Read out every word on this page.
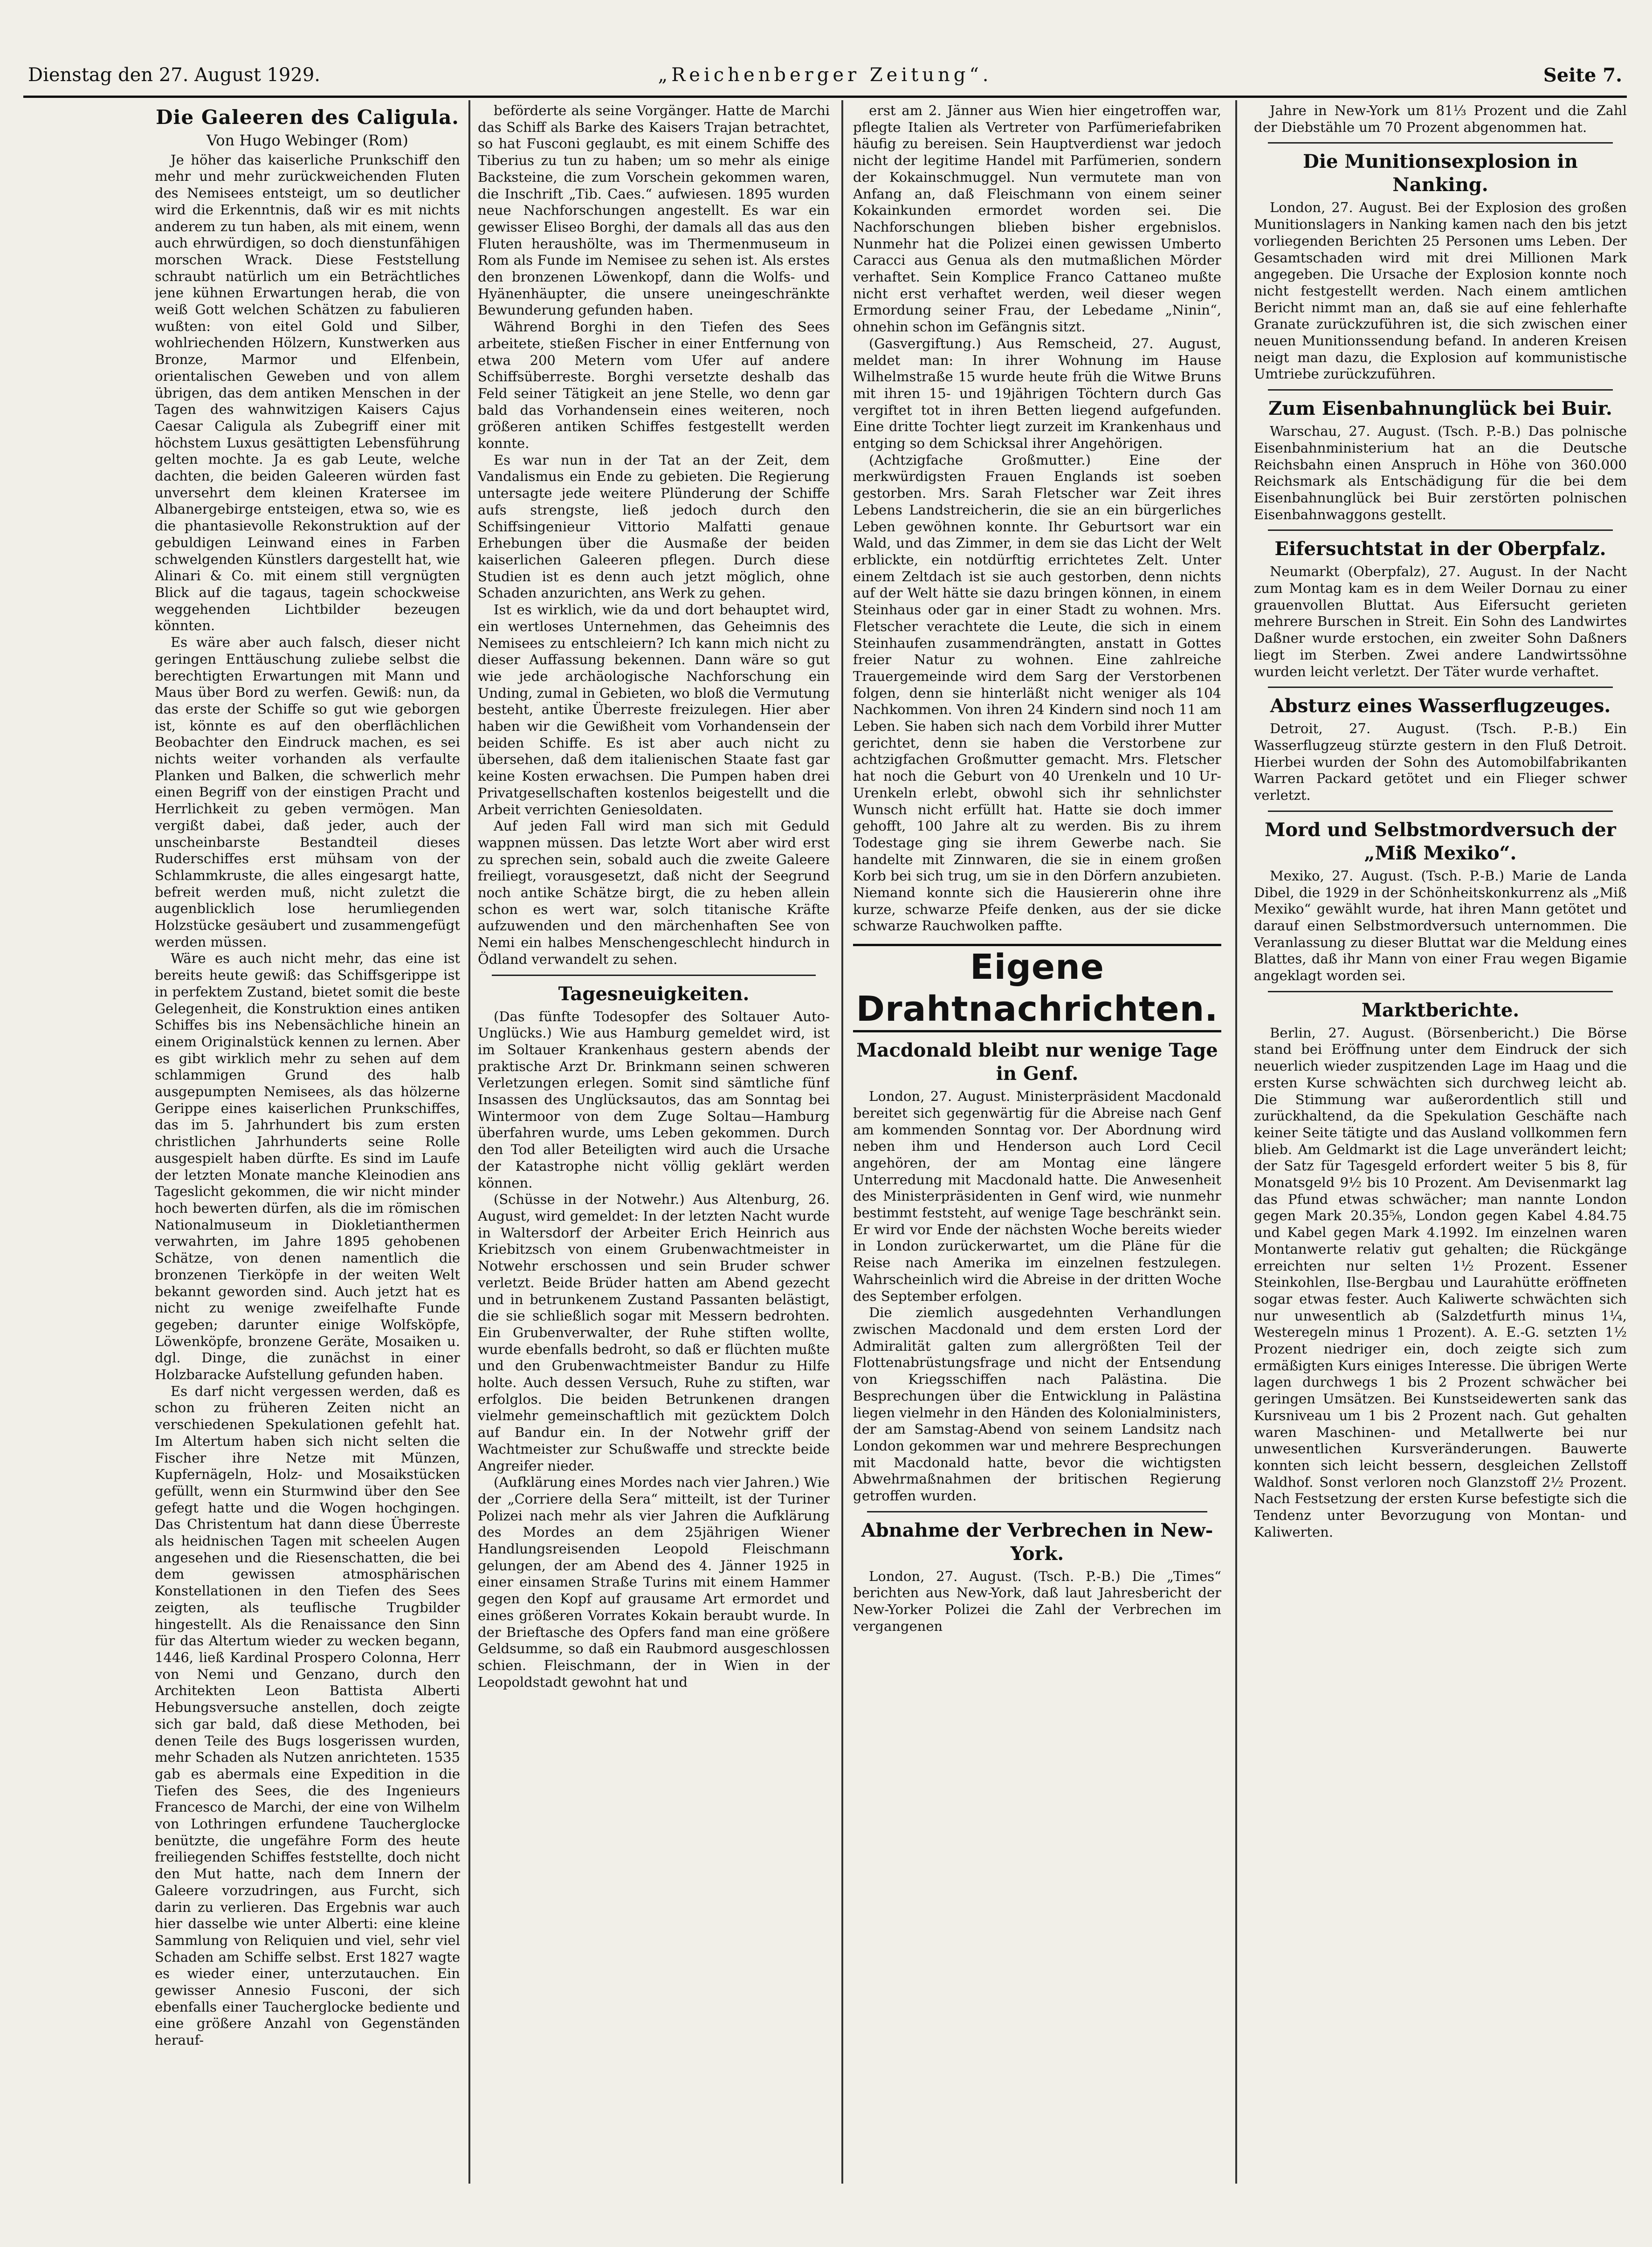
„Reichenberger Zeitung“.
Dienstag den 27. August 1929.	Seite 7.
Die Galeeren des Caligula.
Von Hugo Webinger (Rom)

Je höher das kaiserliche Prunkschiff den mehr und mehr zurückweichenden Fluten des Nemisees entsteigt, um so deutlicher wird die Erkenntnis, daß wir es mit nichts anderem zu tun haben, als mit einem, wenn auch ehrwürdigen, so doch dienstunfähigen morschen Wrack. Diese Feststellung schraubt natürlich um ein Beträchtliches jene kühnen Erwartungen herab, die von weiß Gott welchen Schätzen zu fabulieren wußten: von eitel Gold und Silber, wohlriechenden Hölzern, Kunstwerken aus Bronze, Marmor und Elfenbein, orientalischen Geweben und von allem übrigen, das dem antiken Menschen in der Tagen des wahnwitzigen Kaisers Cajus Caesar Caligula als Zubegriff einer mit höchstem Luxus gesättigten Lebensführung gelten mochte. Ja es gab Leute, welche dachten, die beiden Galeeren würden fast unversehrt dem kleinen Kratersee im Albanergebirge entsteigen, etwa so, wie es die phantasievolle Rekonstruktion auf der gebuldigen Leinwand eines in Farben schwelgenden Künstlers dargestellt hat, wie Alinari & Co. mit einem still vergnügten Blick auf die tagaus, tagein schockweise weggehenden Lichtbilder bezeugen könnten.

Es wäre aber auch falsch, dieser nicht geringen Enttäuschung zuliebe selbst die berechtigten Erwartungen mit Mann und Maus über Bord zu werfen. Gewiß: nun, da das erste der Schiffe so gut wie geborgen ist, könnte es auf den oberflächlichen Beobachter den Eindruck machen, es sei nichts weiter vorhanden als verfaulte Planken und Balken, die schwerlich mehr einen Begriff von der einstigen Pracht und Herrlichkeit zu geben vermögen. Man vergißt dabei, daß jeder, auch der unscheinbarste Bestandteil dieses Ruderschiffes erst mühsam von der Schlammkruste, die alles eingesargt hatte, befreit werden muß, nicht zuletzt die augenblicklich lose herumliegenden Holzstücke gesäubert und zusammengefügt werden müssen.

Wäre es auch nicht mehr, das eine ist bereits heute gewiß: das Schiffsgerippe ist in perfektem Zustand, bietet somit die beste Gelegenheit, die Konstruktion eines antiken Schiffes bis ins Nebensächliche hinein an einem Originalstück kennen zu lernen. Aber es gibt wirklich mehr zu sehen auf dem schlammigen Grund des halb ausgepumpten Nemisees, als das hölzerne Gerippe eines kaiserlichen Prunkschiffes, das im 5. Jahrhundert bis zum ersten christlichen Jahrhunderts seine Rolle ausgespielt haben dürfte. Es sind im Laufe der letzten Monate manche Kleinodien ans Tageslicht gekommen, die wir nicht minder hoch bewerten dürfen, als die im römischen Nationalmuseum in Diokletianthermen verwahrten, im Jahre 1895 gehobenen Schätze, von denen namentlich die bronzenen Tierköpfe in der weiten Welt bekannt geworden sind. Auch jetzt hat es nicht zu wenige zweifelhafte Funde gegeben; darunter einige Wolfsköpfe, Löwenköpfe, bronzene Geräte, Mosaiken u. dgl. Dinge, die zunächst in einer Holzbaracke Aufstellung gefunden haben.

Es darf nicht vergessen werden, daß es schon zu früheren Zeiten nicht an verschiedenen Spekulationen gefehlt hat. Im Altertum haben sich nicht selten die Fischer ihre Netze mit Münzen, Kupfernägeln, Holz- und Mosaikstücken gefüllt, wenn ein Sturmwind über den See gefegt hatte und die Wogen hochgingen. Das Christentum hat dann diese Überreste als heidnischen Tagen mit scheelen Augen angesehen und die Riesenschatten, die bei dem gewissen atmosphärischen Konstellationen in den Tiefen des Sees zeigten, als teuflische Trugbilder hingestellt. Als die Renaissance den Sinn für das Altertum wieder zu wecken begann, 1446, ließ Kardinal Prospero Colonna, Herr von Nemi und Genzano, durch den Architekten Leon Battista Alberti Hebungsversuche anstellen, doch zeigte sich gar bald, daß diese Methoden, bei denen Teile des Bugs losgerissen wurden, mehr Schaden als Nutzen anrichteten. 1535 gab es abermals eine Expedition in die Tiefen des Sees, die des Ingenieurs Francesco de Marchi, der eine von Wilhelm von Lothringen erfundene Taucherglocke benützte, die ungefähre Form des heute freiliegenden Schiffes feststellte, doch nicht den Mut hatte, nach dem Innern der Galeere vorzudringen, aus Furcht, sich darin zu verlieren. Das Ergebnis war auch hier dasselbe wie unter Alberti: eine kleine Sammlung von Reliquien und viel, sehr viel Schaden am Schiffe selbst. Erst 1827 wagte es wieder einer, unterzutauchen. Ein gewisser Annesio Fusconi, der sich ebenfalls einer Taucherglocke bediente und eine größere Anzahl von Gegenständen herauf-

beförderte als seine Vorgänger. Hatte de Marchi das Schiff als Barke des Kaisers Trajan betrachtet, so hat Fusconi geglaubt, es mit einem Schiffe des Tiberius zu tun zu haben; um so mehr als einige Backsteine, die zum Vorschein gekommen waren, die Inschrift „Tib. Caes.“ aufwiesen. 1895 wurden neue Nachforschungen angestellt. Es war ein gewisser Eliseo Borghi, der damals all das aus den Fluten heraushölte, was im Thermenmuseum in Rom als Funde im Nemisee zu sehen ist. Als erstes den bronzenen Löwenkopf, dann die Wolfs- und Hyänenhäupter, die unsere uneingeschränkte Bewunderung gefunden haben.

Während Borghi in den Tiefen des Sees arbeitete, stießen Fischer in einer Entfernung von etwa 200 Metern vom Ufer auf andere Schiffsüberreste. Borghi versetzte deshalb das Feld seiner Tätigkeit an jene Stelle, wo denn gar bald das Vorhandensein eines weiteren, noch größeren antiken Schiffes festgestellt werden konnte.

Es war nun in der Tat an der Zeit, dem Vandalismus ein Ende zu gebieten. Die Regierung untersagte jede weitere Plünderung der Schiffe aufs strengste, ließ jedoch durch den Schiffsingenieur Vittorio Malfatti genaue Erhebungen über die Ausmaße der beiden kaiserlichen Galeeren pflegen. Durch diese Studien ist es denn auch jetzt möglich, ohne Schaden anzurichten, ans Werk zu gehen.

Ist es wirklich, wie da und dort behauptet wird, ein wertloses Unternehmen, das Geheimnis des Nemisees zu entschleiern? Ich kann mich nicht zu dieser Auffassung bekennen. Dann wäre so gut wie jede archäologische Nachforschung ein Unding, zumal in Gebieten, wo bloß die Vermutung besteht, antike Überreste freizulegen. Hier aber haben wir die Gewißheit vom Vorhandensein der beiden Schiffe. Es ist aber auch nicht zu übersehen, daß dem italienischen Staate fast gar keine Kosten erwachsen. Die Pumpen haben drei Privatgesellschaften kostenlos beigestellt und die Arbeit verrichten Geniesoldaten.

Auf jeden Fall wird man sich mit Geduld wappnen müssen. Das letzte Wort aber wird erst zu sprechen sein, sobald auch die zweite Galeere freiliegt, vorausgesetzt, daß nicht der Seegrund noch antike Schätze birgt, die zu heben allein schon es wert war, solch titanische Kräfte aufzuwenden und den märchenhaften See von Nemi ein halbes Menschengeschlecht hindurch in Ödland verwandelt zu sehen.

Tagesneuigkeiten.

(Das fünfte Todesopfer des Soltauer Auto-Unglücks.) Wie aus Hamburg gemeldet wird, ist im Soltauer Krankenhaus gestern abends der praktische Arzt Dr. Brinkmann seinen schweren Verletzungen erlegen. Somit sind sämtliche fünf Insassen des Unglücksautos, das am Sonntag bei Wintermoor von dem Zuge Soltau—Hamburg überfahren wurde, ums Leben gekommen. Durch den Tod aller Beteiligten wird auch die Ursache der Katastrophe nicht völlig geklärt werden können.

(Schüsse in der Notwehr.) Aus Altenburg, 26. August, wird gemeldet: In der letzten Nacht wurde in Waltersdorf der Arbeiter Erich Heinrich aus Kriebitzsch von einem Grubenwachtmeister in Notwehr erschossen und sein Bruder schwer verletzt. Beide Brüder hatten am Abend gezecht und in betrunkenem Zustand Passanten belästigt, die sie schließlich sogar mit Messern bedrohten. Ein Grubenverwalter, der Ruhe stiften wollte, wurde ebenfalls bedroht, so daß er flüchten mußte und den Grubenwachtmeister Bandur zu Hilfe holte. Auch dessen Versuch, Ruhe zu stiften, war erfolglos. Die beiden Betrunkenen drangen vielmehr gemeinschaftlich mit gezücktem Dolch auf Bandur ein. In der Notwehr griff der Wachtmeister zur Schußwaffe und streckte beide Angreifer nieder.

(Aufklärung eines Mordes nach vier Jahren.) Wie der „Corriere della Sera“ mitteilt, ist der Turiner Polizei nach mehr als vier Jahren die Aufklärung des Mordes an dem 25jährigen Wiener Handlungsreisenden Leopold Fleischmann gelungen, der am Abend des 4. Jänner 1925 in einer einsamen Straße Turins mit einem Hammer gegen den Kopf auf grausame Art ermordet und eines größeren Vorrates Kokain beraubt wurde. In der Brieftasche des Opfers fand man eine größere Geldsumme, so daß ein Raubmord ausgeschlossen schien. Fleischmann, der in Wien in der Leopoldstadt gewohnt hat und

erst am 2. Jänner aus Wien hier eingetroffen war, pflegte Italien als Vertreter von Parfümeriefabriken häufig zu bereisen. Sein Hauptverdienst war jedoch nicht der legitime Handel mit Parfümerien, sondern der Kokainschmuggel. Nun vermutete man von Anfang an, daß Fleischmann von einem seiner Kokainkunden ermordet worden sei. Die Nachforschungen blieben bisher ergebnislos. Nunmehr hat die Polizei einen gewissen Umberto Caracci aus Genua als den mutmaßlichen Mörder verhaftet. Sein Komplice Franco Cattaneo mußte nicht erst verhaftet werden, weil dieser wegen Ermordung seiner Frau, der Lebedame „Ninin“, ohnehin schon im Gefängnis sitzt.

(Gasvergiftung.) Aus Remscheid, 27. August, meldet man: In ihrer Wohnung im Hause Wilhelmstraße 15 wurde heute früh die Witwe Bruns mit ihren 15- und 19jährigen Töchtern durch Gas vergiftet tot in ihren Betten liegend aufgefunden. Eine dritte Tochter liegt zurzeit im Krankenhaus und entging so dem Schicksal ihrer Angehörigen.

(Achtzigfache Großmutter.) Eine der merkwürdigsten Frauen Englands ist soeben gestorben. Mrs. Sarah Fletscher war Zeit ihres Lebens Landstreicherin, die sie an ein bürgerliches Leben gewöhnen konnte. Ihr Geburtsort war ein Wald, und das Zimmer, in dem sie das Licht der Welt erblickte, ein notdürftig errichtetes Zelt. Unter einem Zeltdach ist sie auch gestorben, denn nichts auf der Welt hätte sie dazu bringen können, in einem Steinhaus oder gar in einer Stadt zu wohnen. Mrs. Fletscher verachtete die Leute, die sich in einem Steinhaufen zusammendrängten, anstatt in Gottes freier Natur zu wohnen. Eine zahlreiche Trauergemeinde wird dem Sarg der Verstorbenen folgen, denn sie hinterläßt nicht weniger als 104 Nachkommen. Von ihren 24 Kindern sind noch 11 am Leben. Sie haben sich nach dem Vorbild ihrer Mutter gerichtet, denn sie haben die Verstorbene zur achtzigfachen Großmutter gemacht. Mrs. Fletscher hat noch die Geburt von 40 Urenkeln und 10 Ur-Urenkeln erlebt, obwohl sich ihr sehnlichster Wunsch nicht erfüllt hat. Hatte sie doch immer gehofft, 100 Jahre alt zu werden. Bis zu ihrem Todestage ging sie ihrem Gewerbe nach. Sie handelte mit Zinnwaren, die sie in einem großen Korb bei sich trug, um sie in den Dörfern anzubieten. Niemand konnte sich die Hausiererin ohne ihre kurze, schwarze Pfeife denken, aus der sie dicke schwarze Rauchwolken paffte.

Eigene Drahtnachrichten.
Macdonald bleibt nur wenige Tage in Genf.

London, 27. August. Ministerpräsident Macdonald bereitet sich gegenwärtig für die Abreise nach Genf am kommenden Sonntag vor. Der Abordnung wird neben ihm und Henderson auch Lord Cecil angehören, der am Montag eine längere Unterredung mit Macdonald hatte. Die Anwesenheit des Ministerpräsidenten in Genf wird, wie nunmehr bestimmt feststeht, auf wenige Tage beschränkt sein. Er wird vor Ende der nächsten Woche bereits wieder in London zurückerwartet, um die Pläne für die Reise nach Amerika im einzelnen festzulegen. Wahrscheinlich wird die Abreise in der dritten Woche des September erfolgen.

Die ziemlich ausgedehnten Verhandlungen zwischen Macdonald und dem ersten Lord der Admiralität galten zum allergrößten Teil der Flottenabrüstungsfrage und nicht der Entsendung von Kriegsschiffen nach Palästina. Die Besprechungen über die Entwicklung in Palästina liegen vielmehr in den Händen des Kolonialministers, der am Samstag-Abend von seinem Landsitz nach London gekommen war und mehrere Besprechungen mit Macdonald hatte, bevor die wichtigsten Abwehrmaßnahmen der britischen Regierung getroffen wurden.

Abnahme der Verbrechen in New-York.

London, 27. August. (Tsch. P.-B.) Die „Times“ berichten aus New-York, daß laut Jahresbericht der New-Yorker Polizei die Zahl der Verbrechen im vergangenen

Jahre in New-York um 81⅓ Prozent und die Zahl der Diebstähle um 70 Prozent abgenommen hat.

Die Munitionsexplosion in Nanking.

London, 27. August. Bei der Explosion des großen Munitionslagers in Nanking kamen nach den bis jetzt vorliegenden Berichten 25 Personen ums Leben. Der Gesamtschaden wird mit drei Millionen Mark angegeben. Die Ursache der Explosion konnte noch nicht festgestellt werden. Nach einem amtlichen Bericht nimmt man an, daß sie auf eine fehlerhafte Granate zurückzuführen ist, die sich zwischen einer neuen Munitionssendung befand. In anderen Kreisen neigt man dazu, die Explosion auf kommunistische Umtriebe zurückzuführen.

Zum Eisenbahnunglück bei Buir.

Warschau, 27. August. (Tsch. P.-B.) Das polnische Eisenbahnministerium hat an die Deutsche Reichsbahn einen Anspruch in Höhe von 360.000 Reichsmark als Entschädigung für die bei dem Eisenbahnunglück bei Buir zerstörten polnischen Eisenbahnwaggons gestellt.

Eifersuchtstat in der Oberpfalz.

Neumarkt (Oberpfalz), 27. August. In der Nacht zum Montag kam es in dem Weiler Dornau zu einer grauenvollen Bluttat. Aus Eifersucht gerieten mehrere Burschen in Streit. Ein Sohn des Landwirtes Daßner wurde erstochen, ein zweiter Sohn Daßners liegt im Sterben. Zwei andere Landwirtssöhne wurden leicht verletzt. Der Täter wurde verhaftet.

Absturz eines Wasserflugzeuges.

Detroit, 27. August. (Tsch. P.-B.) Ein Wasserflugzeug stürzte gestern in den Fluß Detroit. Hierbei wurden der Sohn des Automobilfabrikanten Warren Packard getötet und ein Flieger schwer verletzt.

Mord und Selbstmordversuch der „Miß Mexiko“.

Mexiko, 27. August. (Tsch. P.-B.) Marie de Landa Dibel, die 1929 in der Schönheitskonkurrenz als „Miß Mexiko“ gewählt wurde, hat ihren Mann getötet und darauf einen Selbstmordversuch unternommen. Die Veranlassung zu dieser Bluttat war die Meldung eines Blattes, daß ihr Mann von einer Frau wegen Bigamie angeklagt worden sei.

Marktberichte.

Berlin, 27. August. (Börsenbericht.) Die Börse stand bei Eröffnung unter dem Eindruck der sich neuerlich wieder zuspitzenden Lage im Haag und die ersten Kurse schwächten sich durchweg leicht ab. Die Stimmung war außerordentlich still und zurückhaltend, da die Spekulation Geschäfte nach keiner Seite tätigte und das Ausland vollkommen fern blieb. Am Geldmarkt ist die Lage unverändert leicht; der Satz für Tagesgeld erfordert weiter 5 bis 8, für Monatsgeld 9½ bis 10 Prozent. Am Devisenmarkt lag das Pfund etwas schwächer; man nannte London gegen Mark 20.35⅝, London gegen Kabel 4.84.75 und Kabel gegen Mark 4.1992. Im einzelnen waren Montanwerte relativ gut gehalten; die Rückgänge erreichten nur selten 1½ Prozent. Essener Steinkohlen, Ilse-Bergbau und Laurahütte eröffneten sogar etwas fester. Auch Kaliwerte schwächten sich nur unwesentlich ab (Salzdetfurth minus 1¼, Westeregeln minus 1 Prozent). A. E.-G. setzten 1½ Prozent niedriger ein, doch zeigte sich zum ermäßigten Kurs einiges Interesse. Die übrigen Werte lagen durchwegs 1 bis 2 Prozent schwächer bei geringen Umsätzen. Bei Kunstseidewerten sank das Kursniveau um 1 bis 2 Prozent nach. Gut gehalten waren Maschinen- und Metallwerte bei nur unwesentlichen Kursveränderungen. Bauwerte konnten sich leicht bessern, desgleichen Zellstoff Waldhof. Sonst verloren noch Glanzstoff 2½ Prozent. Nach Festsetzung der ersten Kurse befestigte sich die Tendenz unter Bevorzugung von Montan- und Kaliwerten.
